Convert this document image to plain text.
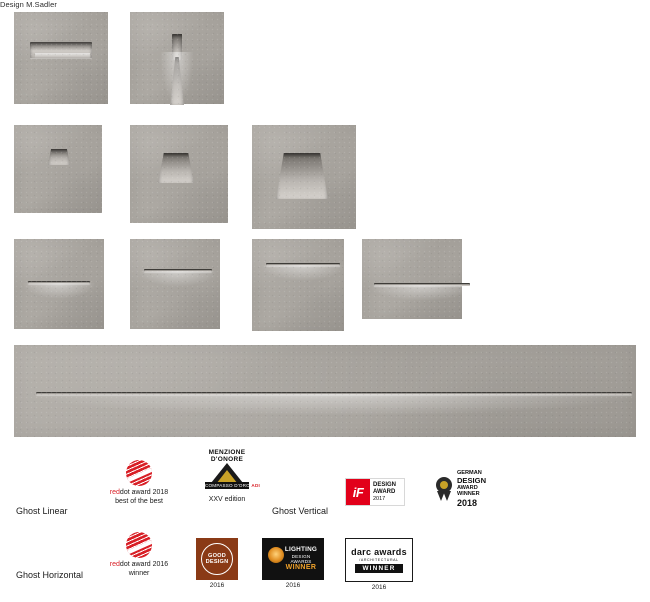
Design M.Sadler
Ghost Linear
reddot award 2018
best of the best
MENZIONE
D'ONORE
COMPASSO D'ORO ADI
XXV edition
Ghost Vertical
iF	DESIGN
AWARD
2017
GERMAN
DESIGN
AWARD
WINNER
2018
Ghost Horizontal
reddot award 2016
winner
GOOD
DESIGN
2016
LIGHTING
DESIGN
AWARDS
WINNER
2016
darc awards
/ARCHITECTURAL
WINNER
2016
